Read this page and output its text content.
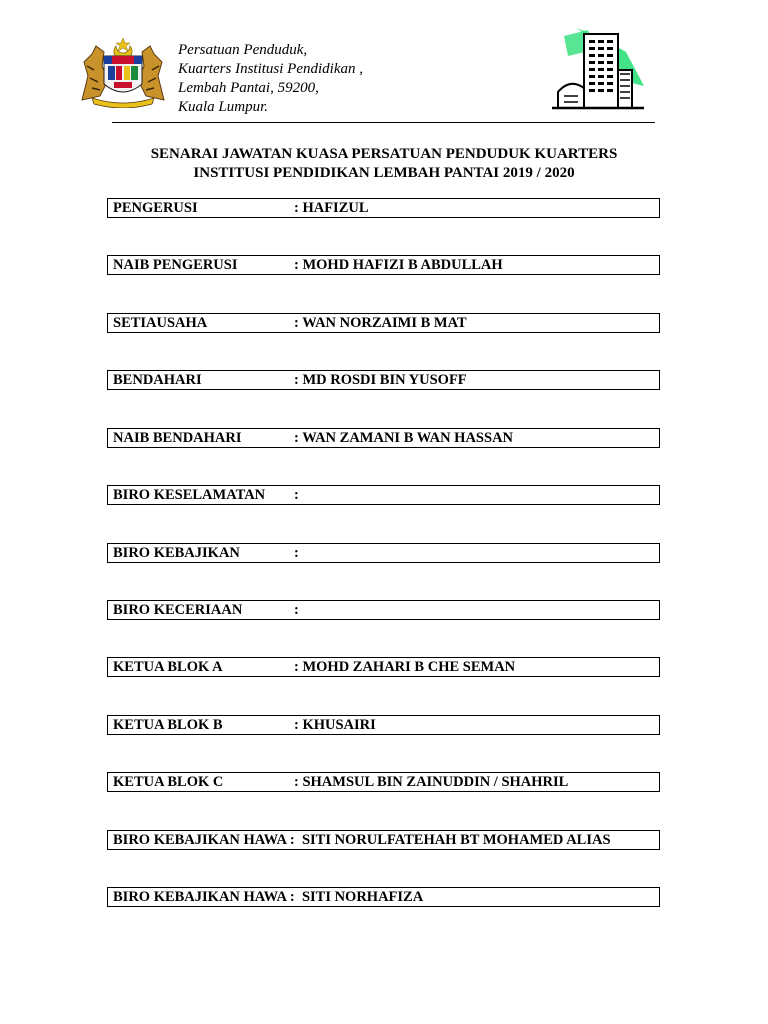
Persatuan Penduduk,
Kuarters Institusi Pendidikan ,
Lembah Pantai, 59200,
Kuala Lumpur.
SENARAI JAWATAN KUASA PERSATUAN PENDUDUK KUARTERS
INSTITUSI PENDIDIKAN LEMBAH PANTAI 2019 / 2020
PENGERUSI	: HAFIZUL
NAIB PENGERUSI	: MOHD HAFIZI B ABDULLAH
SETIAUSAHA	: WAN NORZAIMI B MAT
BENDAHARI	: MD ROSDI BIN YUSOFF
NAIB BENDAHARI	: WAN ZAMANI B WAN HASSAN
BIRO KESELAMATAN :
BIRO KEBAJIKAN	:
BIRO KECERIAAN	:
KETUA BLOK A	: MOHD ZAHARI B CHE SEMAN
KETUA BLOK B	: KHUSAIRI
KETUA BLOK C	: SHAMSUL BIN ZAINUDDIN / SHAHRIL
BIRO KEBAJIKAN HAWA :  SITI NORULFATEHAH BT MOHAMED ALIAS
BIRO KEBAJIKAN HAWA :  SITI NORHAFIZA
